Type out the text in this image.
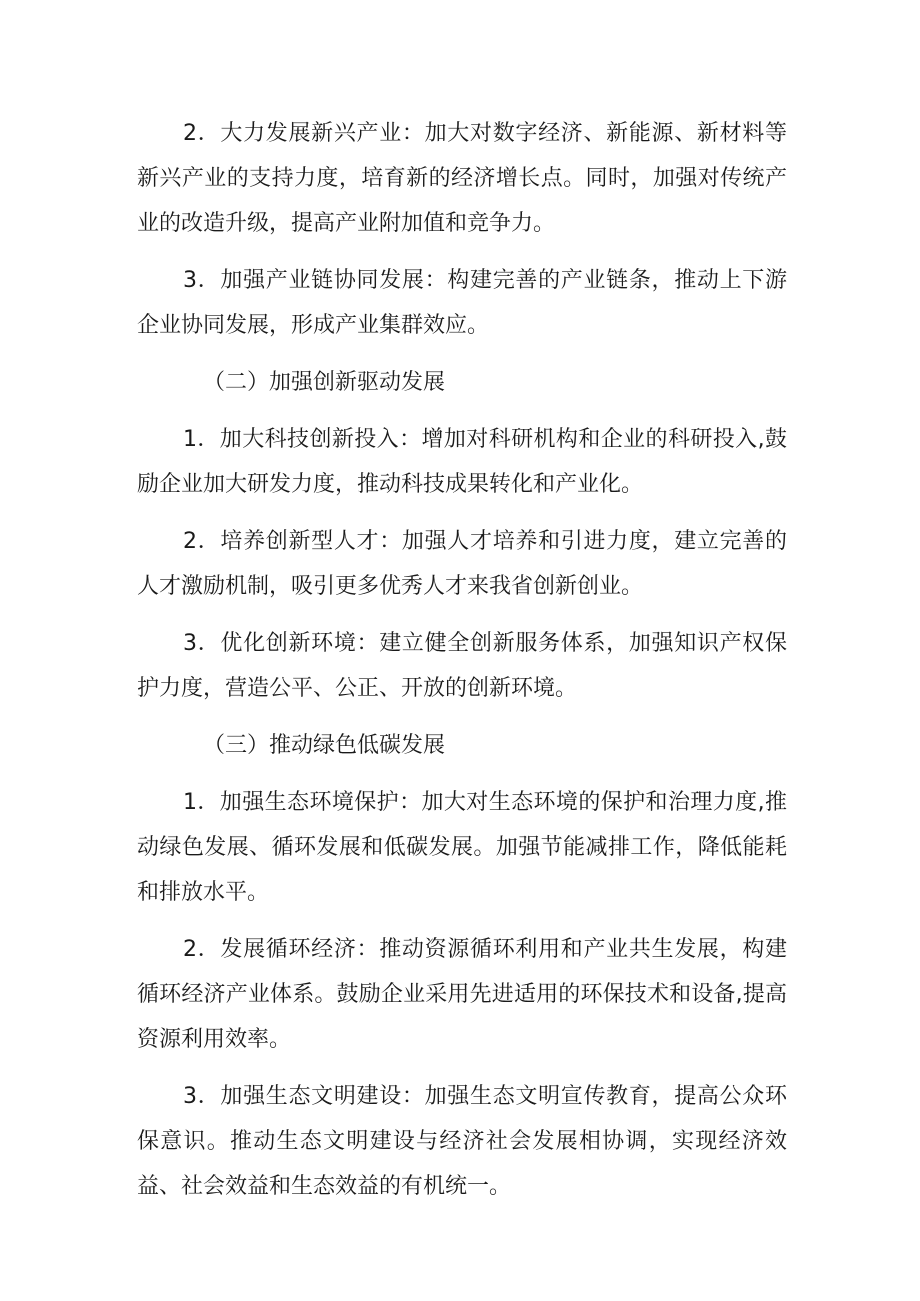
2．大力发展新兴产业：加大对数字经济、新能源、新材料等新兴产业的支持力度，培育新的经济增长点。同时，加强对传统产业的改造升级，提高产业附加值和竞争力。

3．加强产业链协同发展：构建完善的产业链条，推动上下游企业协同发展，形成产业集群效应。

（二）加强创新驱动发展

1．加大科技创新投入：增加对科研机构和企业的科研投入,鼓励企业加大研发力度，推动科技成果转化和产业化。

2．培养创新型人才：加强人才培养和引进力度，建立完善的人才激励机制，吸引更多优秀人才来我省创新创业。

3．优化创新环境：建立健全创新服务体系，加强知识产权保护力度，营造公平、公正、开放的创新环境。

（三）推动绿色低碳发展

1．加强生态环境保护：加大对生态环境的保护和治理力度,推动绿色发展、循环发展和低碳发展。加强节能减排工作，降低能耗和排放水平。

2．发展循环经济：推动资源循环利用和产业共生发展，构建循环经济产业体系。鼓励企业采用先进适用的环保技术和设备,提高资源利用效率。

3．加强生态文明建设：加强生态文明宣传教育，提高公众环保意识。推动生态文明建设与经济社会发展相协调，实现经济效益、社会效益和生态效益的有机统一。
